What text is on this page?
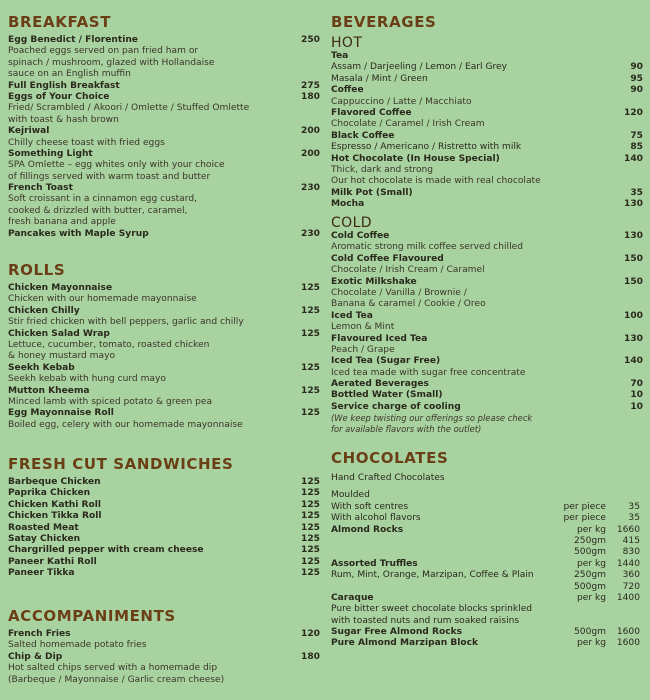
BREAKFAST
Egg Benedict / Florentine	250
Poached eggs served on pan fried ham or
spinach / mushroom, glazed with Hollandaise
sauce on an English muffin
Full English Breakfast	275
Eggs of Your Choice	180
Fried/ Scrambled / Akoori / Omlette / Stuffed Omlette
with toast & hash brown
Kejriwal	200
Chilly cheese toast with fried eggs
Something Light	200
SPA Omlette – egg whites only with your choice
of fillings served with warm toast and butter
French Toast	230
Soft croissant in a cinnamon egg custard,
cooked & drizzled with butter, caramel,
fresh banana and apple
Pancakes with Maple Syrup	230
ROLLS
Chicken Mayonnaise	125
Chicken with our homemade mayonnaise
Chicken Chilly	125
Stir fried chicken with bell peppers, garlic and chilly
Chicken Salad Wrap	125
Lettuce, cucumber, tomato, roasted chicken
& honey mustard mayo
Seekh Kebab	125
Seekh kebab with hung curd mayo
Mutton Kheema	125
Minced lamb with spiced potato & green pea
Egg Mayonnaise Roll	125
Boiled egg, celery with our homemade mayonnaise
FRESH CUT SANDWICHES
Barbeque Chicken	125
Paprika Chicken	125
Chicken Kathi Roll	125
Chicken Tikka Roll	125
Roasted Meat	125
Satay Chicken	125
Chargrilled pepper with cream cheese	125
Paneer Kathi Roll	125
Paneer Tikka	125
ACCOMPANIMENTS
French Fries	120
Salted homemade potato fries
Chip & Dip	180
Hot salted chips served with a homemade dip
(Barbeque / Mayonnaise / Garlic cream cheese)
BEVERAGES
HOT
Tea
Assam / Darjeeling / Lemon / Earl Grey	90
Masala / Mint / Green	95
Coffee	90
Cappuccino / Latte / Macchiato
Flavored Coffee	120
Chocolate / Caramel / Irish Cream
Black Coffee	75
Espresso / Americano / Ristretto with milk	85
Hot Chocolate (In House Special)	140
Thick, dark and strong
Our hot chocolate is made with real chocolate
Milk Pot (Small)	35
Mocha	130
COLD
Cold Coffee	130
Aromatic strong milk coffee served chilled
Cold Coffee Flavoured	150
Chocolate / Irish Cream / Caramel
Exotic Milkshake	150
Chocolate / Vanilla / Brownie /
Banana & caramel / Cookie / Oreo
Iced Tea	100
Lemon & Mint
Flavoured Iced Tea	130
Peach / Grape
Iced Tea (Sugar Free)	140
Iced tea made with sugar free concentrate
Aerated Beverages	70
Bottled Water (Small)	10
Service charge of cooling	10
(We keep twisting our offerings so please check
for available flavors with the outlet)
CHOCOLATES
Hand Crafted Chocolates
Moulded
With soft centres	per piece 35
With alcohol flavors	per piece 35
Almond Rocks	per kg 1660
250gm 415
500gm 830
Assorted Truffles	per kg 1440
Rum, Mint, Orange, Marzipan, Coffee & Plain	250gm 360
500gm 720
Caraque	per kg 1400
Pure bitter sweet chocolate blocks sprinkled
with toasted nuts and rum soaked raisins
Sugar Free Almond Rocks	500gm 1600
Pure Almond Marzipan Block	per kg 1600
